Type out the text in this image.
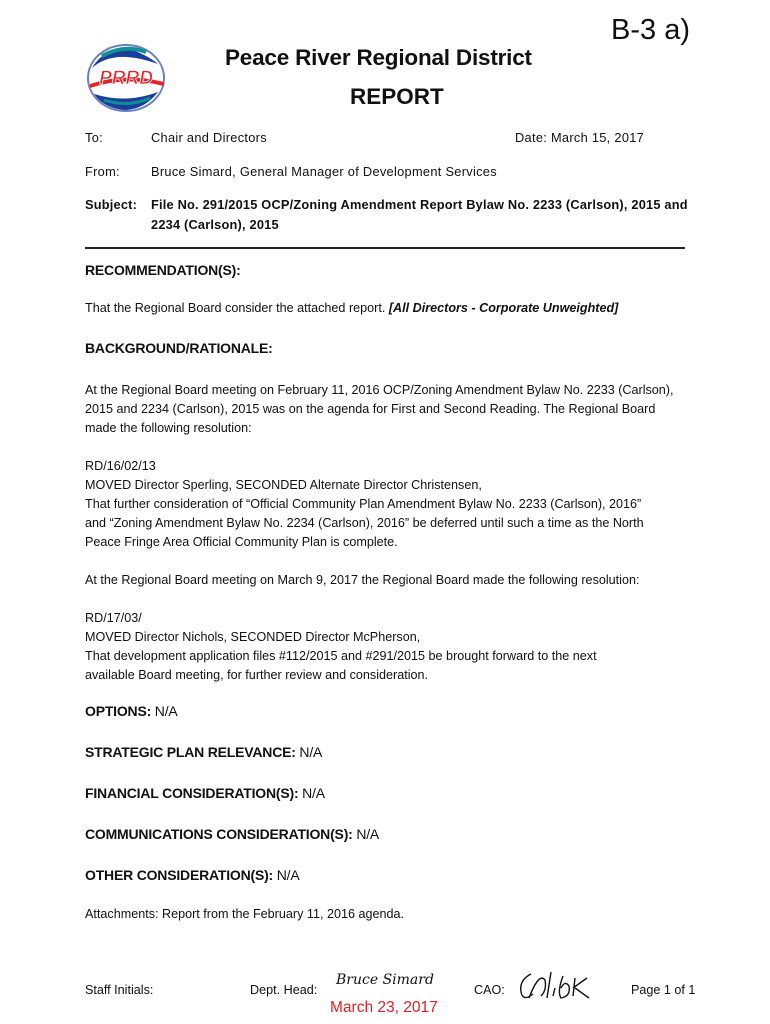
B-3 a)
PRRD
Peace River Regional District
REPORT
To:	Chair and Directors	Date: March 15, 2017
From: Bruce Simard, General Manager of Development Services
Subject: File No. 291/2015 OCP/Zoning Amendment Report Bylaw No. 2233 (Carlson), 2015 and
2234 (Carlson), 2015
RECOMMENDATION(S):
That the Regional Board consider the attached report. [All Directors - Corporate Unweighted]
BACKGROUND/RATIONALE:
At the Regional Board meeting on February 11, 2016 OCP/Zoning Amendment Bylaw No. 2233 (Carlson),
2015 and 2234 (Carlson), 2015 was on the agenda for First and Second Reading. The Regional Board
made the following resolution:
RD/16/02/13
MOVED Director Sperling, SECONDED Alternate Director Christensen,
That further consideration of “Official Community Plan Amendment Bylaw No. 2233 (Carlson), 2016”
and “Zoning Amendment Bylaw No. 2234 (Carlson), 2016” be deferred until such a time as the North
Peace Fringe Area Official Community Plan is complete.
At the Regional Board meeting on March 9, 2017 the Regional Board made the following resolution:
RD/17/03/
MOVED Director Nichols, SECONDED Director McPherson,
That development application files #112/2015 and #291/2015 be brought forward to the next
available Board meeting, for further review and consideration.
OPTIONS: N/A
STRATEGIC PLAN RELEVANCE: N/A
FINANCIAL CONSIDERATION(S): N/A
COMMUNICATIONS CONSIDERATION(S): N/A
OTHER CONSIDERATION(S): N/A
Attachments: Report from the February 11, 2016 agenda.
Staff Initials:	Dept. Head:
Bruce Simard
CAO:	Page 1 of 1
March 23, 2017
